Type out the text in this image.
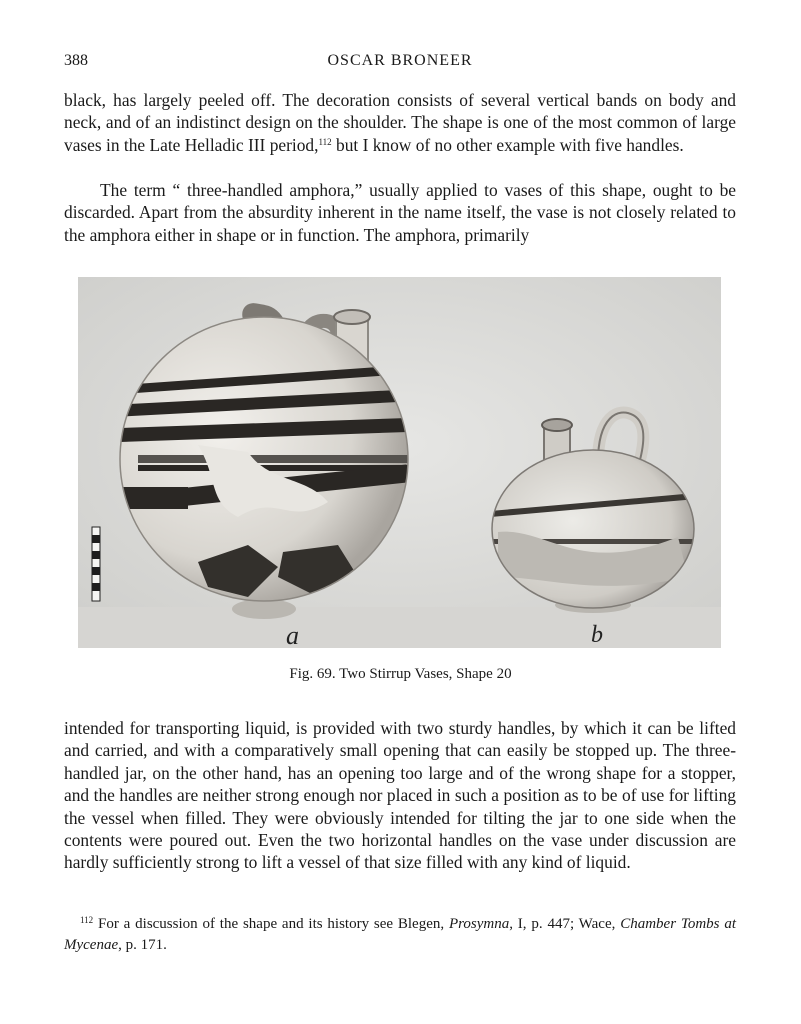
388	OSCAR BRONEER

black, has largely peeled off. The decoration consists of several vertical bands on body and neck, and of an indistinct design on the shoulder. The shape is one of the most common of large vases in the Late Helladic III period,$^{112}$ but I know of no other example with five handles.

The term “ three-handled amphora,” usually applied to vases of this shape, ought to be discarded. Apart from the absurdity inherent in the name itself, the vase is not closely related to the amphora either in shape or in function. The amphora, primarily

a	b
Fig. 69. Two Stirrup Vases, Shape 20

intended for transporting liquid, is provided with two sturdy handles, by which it can be lifted and carried, and with a comparatively small opening that can easily be stopped up. The three-handled jar, on the other hand, has an opening too large and of the wrong shape for a stopper, and the handles are neither strong enough nor placed in such a position as to be of use for lifting the vessel when filled. They were obviously intended for tilting the jar to one side when the contents were poured out. Even the two horizontal handles on the vase under discussion are hardly sufficiently strong to lift a vessel of that size filled with any kind of liquid.

$^{112}$ For a discussion of the shape and its history see Blegen, Prosymna, I, p. 447; Wace, Chamber Tombs at Mycenae, p. 171.
